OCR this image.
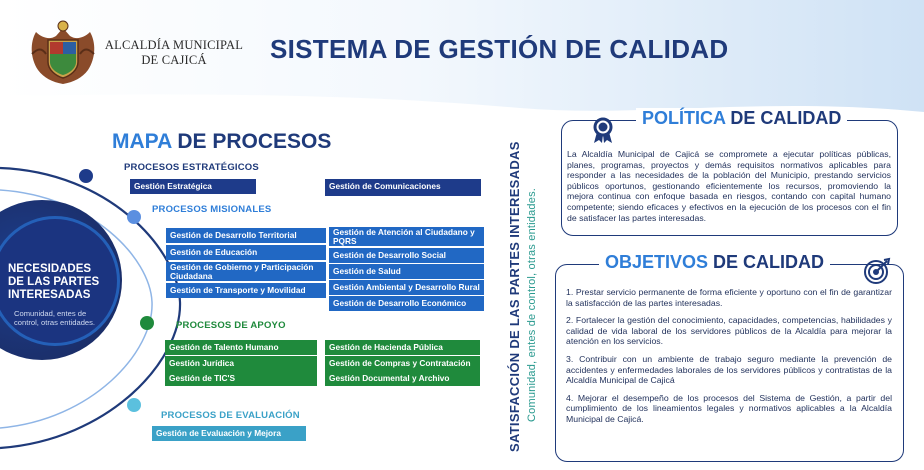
ALCALDÍA MUNICIPAL
DE CAJICÁ	SISTEMA DE GESTIÓN DE CALIDAD
MAPA DE PROCESOS
NECESIDADES DE LAS PARTES INTERESADAS
Comunidad, entes de control, otras entidades.
PROCESOS ESTRATÉGICOS
Gestión Estratégica	Gestión de Comunicaciones
PROCESOS MISIONALES
Gestión de Desarrollo Territorial
Gestión de Educación
Gestión de Gobierno y Participación Ciudadana
Gestión de Transporte y Movilidad
Gestión de Atención al Ciudadano y PQRS
Gestión de Desarrollo Social
Gestión de Salud
Gestión Ambiental y Desarrollo Rural
Gestión de Desarrollo Económico
PROCESOS DE APOYO
Gestión de Talento Humano
Gestión Jurídica
Gestión de TIC'S
Gestión de Hacienda Pública
Gestión de Compras y Contratación
Gestión Documental y Archivo
PROCESOS DE EVALUACIÓN
Gestión de Evaluación y Mejora	SATISFACCIÓN DE LAS PARTES INTERESADAS Comunidad, entes de control, otras entidades.
POLÍTICA DE CALIDAD
La Alcaldía Municipal de Cajicá se compromete a ejecutar políticas públicas, planes, programas, proyectos y demás requisitos normativos aplicables para responder a las necesidades de la población del Municipio, prestando servicios públicos oportunos, gestionando eficientemente los recursos, promoviendo la mejora continua con enfoque basada en riesgos, contando con capital humano competente; siendo eficaces y efectivos en la ejecución de los procesos con el fin de satisfacer las partes interesadas.
OBJETIVOS DE CALIDAD
1. Prestar servicio permanente de forma eficiente y oportuno con el fin de garantizar la satisfacción de las partes interesadas.
2. Fortalecer la gestión del conocimiento, capacidades, competencias, habilidades y calidad de vida laboral de los servidores públicos de la Alcaldía para mejorar la atención en los servicios.
3. Contribuir con un ambiente de trabajo seguro mediante la prevención de accidentes y enfermedades laborales de los servidores públicos y contratistas de la Alcaldía Municipal de Cajicá
4. Mejorar el desempeño de los procesos del Sistema de Gestión, a partir del cumplimiento de los lineamientos legales y normativos aplicables a la Alcaldía Municipal de Cajicá.
